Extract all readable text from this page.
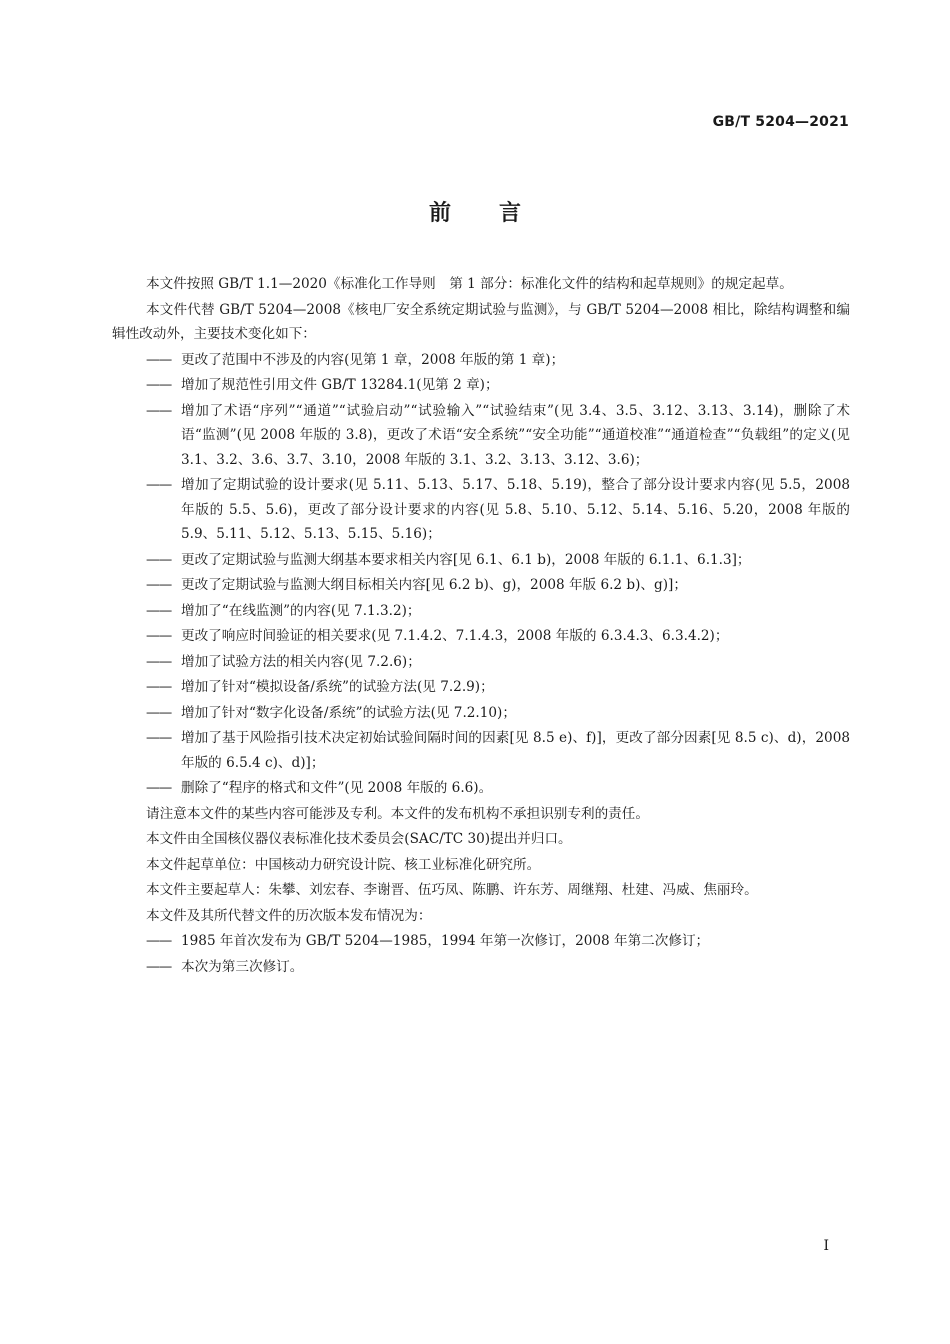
GB/T 5204—2021
前言

本文件按照 GB/T 1.1—2020《标准化工作导则　第 1 部分：标准化文件的结构和起草规则》的规定起草。

本文件代替 GB/T 5204—2008《核电厂安全系统定期试验与监测》，与 GB/T 5204—2008 相比，除结构调整和编辑性改动外，主要技术变化如下：

—— 更改了范围中不涉及的内容(见第 1 章，2008 年版的第 1 章)；

—— 增加了规范性引用文件 GB/T 13284.1(见第 2 章)；

—— 增加了术语“序列”“通道”“试验启动”“试验输入”“试验结束”(见 3.4、3.5、3.12、3.13、3.14)，删除了术语“监测”(见 2008 年版的 3.8)，更改了术语“安全系统”“安全功能”“通道校准”“通道检查”“负载组”的定义(见 3.1、3.2、3.6、3.7、3.10，2008 年版的 3.1、3.2、3.13、3.12、3.6)；

—— 增加了定期试验的设计要求(见 5.11、5.13、5.17、5.18、5.19)，整合了部分设计要求内容(见 5.5，2008 年版的 5.5、5.6)，更改了部分设计要求的内容(见 5.8、5.10、5.12、5.14、5.16、5.20，2008 年版的 5.9、5.11、5.12、5.13、5.15、5.16)；

—— 更改了定期试验与监测大纲基本要求相关内容[见 6.1、6.1 b)，2008 年版的 6.1.1、6.1.3]；

—— 更改了定期试验与监测大纲目标相关内容[见 6.2 b)、g)，2008 年版 6.2 b)、g)]；

—— 增加了“在线监测”的内容(见 7.1.3.2)；

—— 更改了响应时间验证的相关要求(见 7.1.4.2、7.1.4.3，2008 年版的 6.3.4.3、6.3.4.2)；

—— 增加了试验方法的相关内容(见 7.2.6)；

—— 增加了针对“模拟设备/系统”的试验方法(见 7.2.9)；

—— 增加了针对“数字化设备/系统”的试验方法(见 7.2.10)；

—— 增加了基于风险指引技术决定初始试验间隔时间的因素[见 8.5 e)、f)]，更改了部分因素[见 8.5 c)、d)，2008 年版的 6.5.4 c)、d)]；

—— 删除了“程序的格式和文件”(见 2008 年版的 6.6)。

请注意本文件的某些内容可能涉及专利。本文件的发布机构不承担识别专利的责任。

本文件由全国核仪器仪表标准化技术委员会(SAC/TC 30)提出并归口。

本文件起草单位：中国核动力研究设计院、核工业标准化研究所。

本文件主要起草人：朱攀、刘宏春、李谢晋、伍巧凤、陈鹏、许东芳、周继翔、杜建、冯威、焦丽玲。

本文件及其所代替文件的历次版本发布情况为：

—— 1985 年首次发布为 GB/T 5204—1985，1994 年第一次修订，2008 年第二次修订；

—— 本次为第三次修订。

I
